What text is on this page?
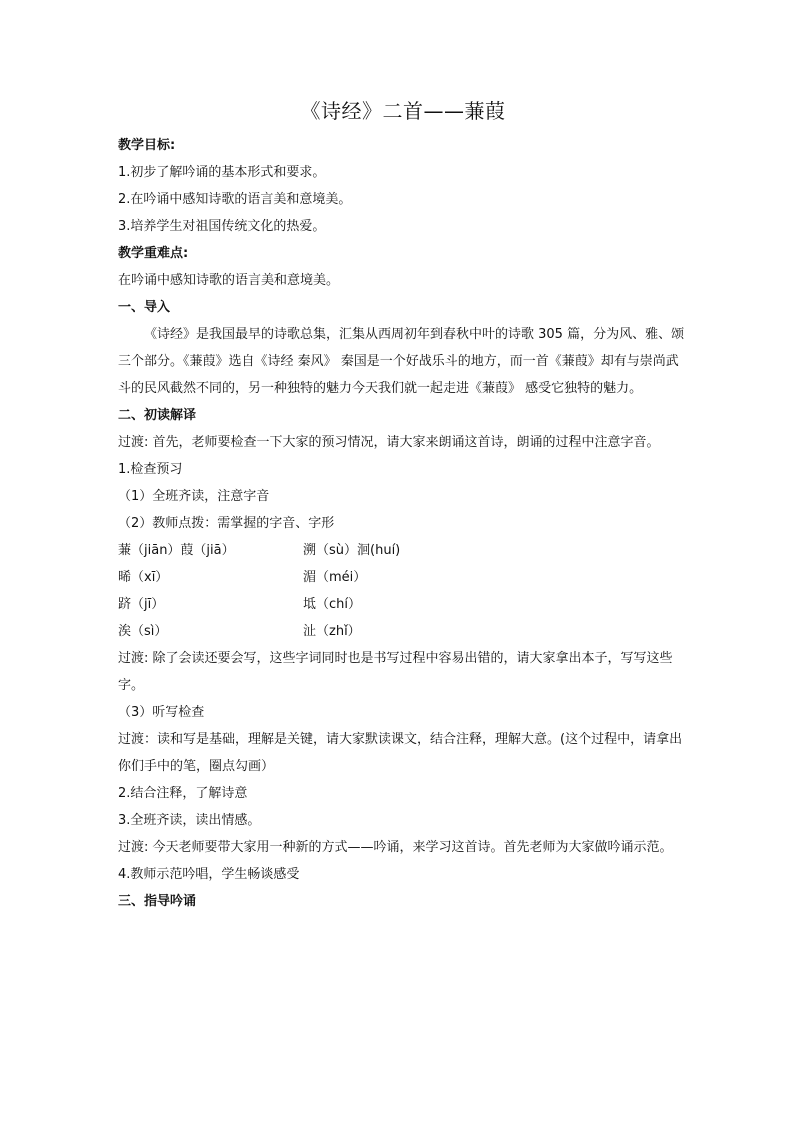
《诗经》二首——蒹葭

教学目标:

1.初步了解吟诵的基本形式和要求。

2.在吟诵中感知诗歌的语言美和意境美。

3.培养学生对祖国传统文化的热爱。

教学重难点:

在吟诵中感知诗歌的语言美和意境美。

一、导入

《诗经》是我国最早的诗歌总集，汇集从西周初年到春秋中叶的诗歌 305 篇，分为风、雅、颂三个部分。《蒹葭》选自《诗经 秦风》 秦国是一个好战乐斗的地方，而一首《蒹葭》却有与崇尚武斗的民风截然不同的，另一种独特的魅力今天我们就一起走进《蒹葭》 感受它独特的魅力。

二、初读解译

过渡: 首先，老师要检查一下大家的预习情况，请大家来朗诵这首诗，朗诵的过程中注意字音。

1.检查预习

（1）全班齐读，注意字音

（2）教师点拨：需掌握的字音、字形

蒹（jiān）葭（jiā）	溯（sù）洄(huí)
晞（xī）	湄（méi）
跻（jī）	坻（chí）
涘（sì）	沚（zhǐ）

过渡: 除了会读还要会写，这些字词同时也是书写过程中容易出错的，请大家拿出本子，写写这些字。

（3）听写检查

过渡：读和写是基础，理解是关键，请大家默读课文，结合注释，理解大意。(这个过程中，请拿出你们手中的笔，圈点勾画）

2.结合注释，了解诗意

3.全班齐读，读出情感。

过渡: 今天老师要带大家用一种新的方式——吟诵，来学习这首诗。首先老师为大家做吟诵示范。

4.教师示范吟唱，学生畅谈感受

三、指导吟诵
